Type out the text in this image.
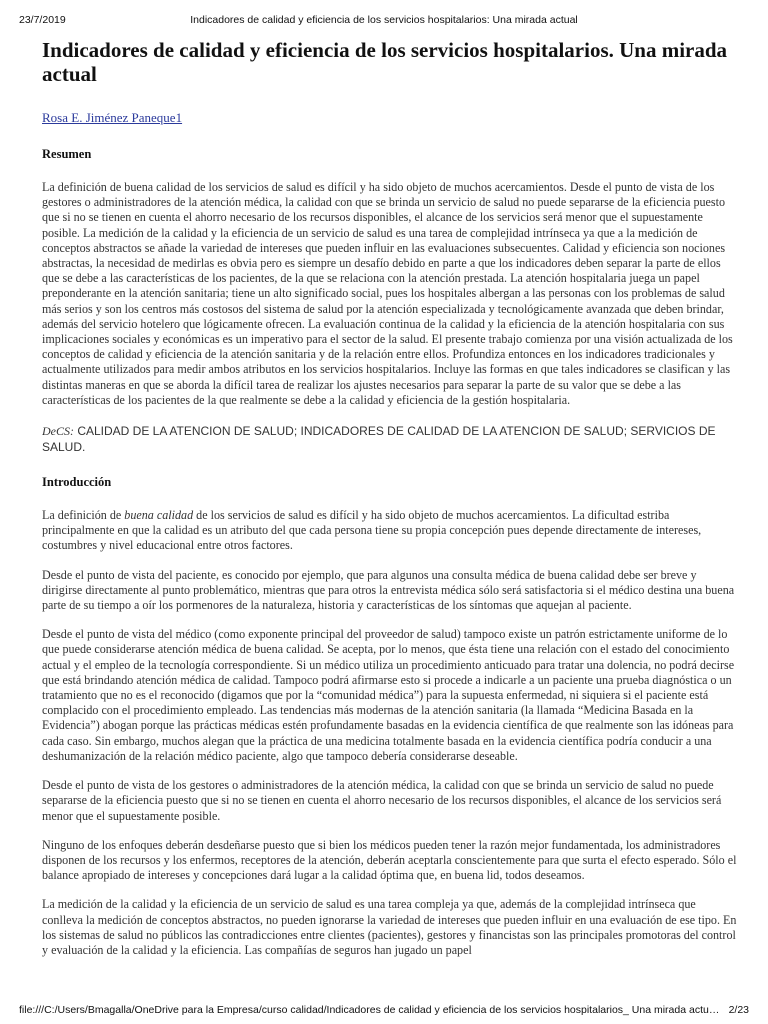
23/7/2019	Indicadores de calidad y eficiencia de los servicios hospitalarios: Una mirada actual
Indicadores de calidad y eficiencia de los servicios hospitalarios. Una mirada actual
Rosa E. Jiménez Paneque1
Resumen

La definición de buena calidad de los servicios de salud es difícil y ha sido objeto de muchos acercamientos. Desde el punto de vista de los gestores o administradores de la atención médica, la calidad con que se brinda un servicio de salud no puede separarse de la eficiencia puesto que si no se tienen en cuenta el ahorro necesario de los recursos disponibles, el alcance de los servicios será menor que el supuestamente posible. La medición de la calidad y la eficiencia de un servicio de salud es una tarea de complejidad intrínseca ya que a la medición de conceptos abstractos se añade la variedad de intereses que pueden influir en las evaluaciones subsecuentes. Calidad y eficiencia son nociones abstractas, la necesidad de medirlas es obvia pero es siempre un desafío debido en parte a que los indicadores deben separar la parte de ellos que se debe a las características de los pacientes, de la que se relaciona con la atención prestada. La atención hospitalaria juega un papel preponderante en la atención sanitaria; tiene un alto significado social, pues los hospitales albergan a las personas con los problemas de salud más serios y son los centros más costosos del sistema de salud por la atención especializada y tecnológicamente avanzada que deben brindar, además del servicio hotelero que lógicamente ofrecen. La evaluación continua de la calidad y la eficiencia de la atención hospitalaria con sus implicaciones sociales y económicas es un imperativo para el sector de la salud. El presente trabajo comienza por una visión actualizada de los conceptos de calidad y eficiencia de la atención sanitaria y de la relación entre ellos. Profundiza entonces en los indicadores tradicionales y actualmente utilizados para medir ambos atributos en los servicios hospitalarios. Incluye las formas en que tales indicadores se clasifican y las distintas maneras en que se aborda la difícil tarea de realizar los ajustes necesarios para separar la parte de su valor que se debe a las características de los pacientes de la que realmente se debe a la calidad y eficiencia de la gestión hospitalaria.

DeCS: CALIDAD DE LA ATENCION DE SALUD; INDICADORES DE CALIDAD DE LA ATENCION DE SALUD; SERVICIOS DE SALUD.
Introducción

La definición de buena calidad de los servicios de salud es difícil y ha sido objeto de muchos acercamientos. La dificultad estriba principalmente en que la calidad es un atributo del que cada persona tiene su propia concepción pues depende directamente de intereses, costumbres y nivel educacional entre otros factores.

Desde el punto de vista del paciente, es conocido por ejemplo, que para algunos una consulta médica de buena calidad debe ser breve y dirigirse directamente al punto problemático, mientras que para otros la entrevista médica sólo será satisfactoria si el médico destina una buena parte de su tiempo a oír los pormenores de la naturaleza, historia y características de los síntomas que aquejan al paciente.

Desde el punto de vista del médico (como exponente principal del proveedor de salud) tampoco existe un patrón estrictamente uniforme de lo que puede considerarse atención médica de buena calidad. Se acepta, por lo menos, que ésta tiene una relación con el estado del conocimiento actual y el empleo de la tecnología correspondiente. Si un médico utiliza un procedimiento anticuado para tratar una dolencia, no podrá decirse que está brindando atención médica de calidad. Tampoco podrá afirmarse esto si procede a indicarle a un paciente una prueba diagnóstica o un tratamiento que no es el reconocido (digamos que por la “comunidad médica”) para la supuesta enfermedad, ni siquiera si el paciente está complacido con el procedimiento empleado. Las tendencias más modernas de la atención sanitaria (la llamada “Medicina Basada en la Evidencia”) abogan porque las prácticas médicas estén profundamente basadas en la evidencia científica de que realmente son las idóneas para cada caso. Sin embargo, muchos alegan que la práctica de una medicina totalmente basada en la evidencia científica podría conducir a una deshumanización de la relación médico paciente, algo que tampoco debería considerarse deseable.

Desde el punto de vista de los gestores o administradores de la atención médica, la calidad con que se brinda un servicio de salud no puede separarse de la eficiencia puesto que si no se tienen en cuenta el ahorro necesario de los recursos disponibles, el alcance de los servicios será menor que el supuestamente posible.

Ninguno de los enfoques deberán desdeñarse puesto que si bien los médicos pueden tener la razón mejor fundamentada, los administradores disponen de los recursos y los enfermos, receptores de la atención, deberán aceptarla conscientemente para que surta el efecto esperado. Sólo el balance apropiado de intereses y concepciones dará lugar a la calidad óptima que, en buena lid, todos deseamos.

La medición de la calidad y la eficiencia de un servicio de salud es una tarea compleja ya que, además de la complejidad intrínseca que conlleva la medición de conceptos abstractos, no pueden ignorarse la variedad de intereses que pueden influir en una evaluación de ese tipo. En los sistemas de salud no públicos las contradicciones entre clientes (pacientes), gestores y financistas son las principales promotoras del control y evaluación de la calidad y la eficiencia. Las compañías de seguros han jugado un papel

file:///C:/Users/Bmagalla/OneDrive para la Empresa/curso calidad/Indicadores de calidad y eficiencia de los servicios hospitalarios_ Una mirada actu… 2/23
